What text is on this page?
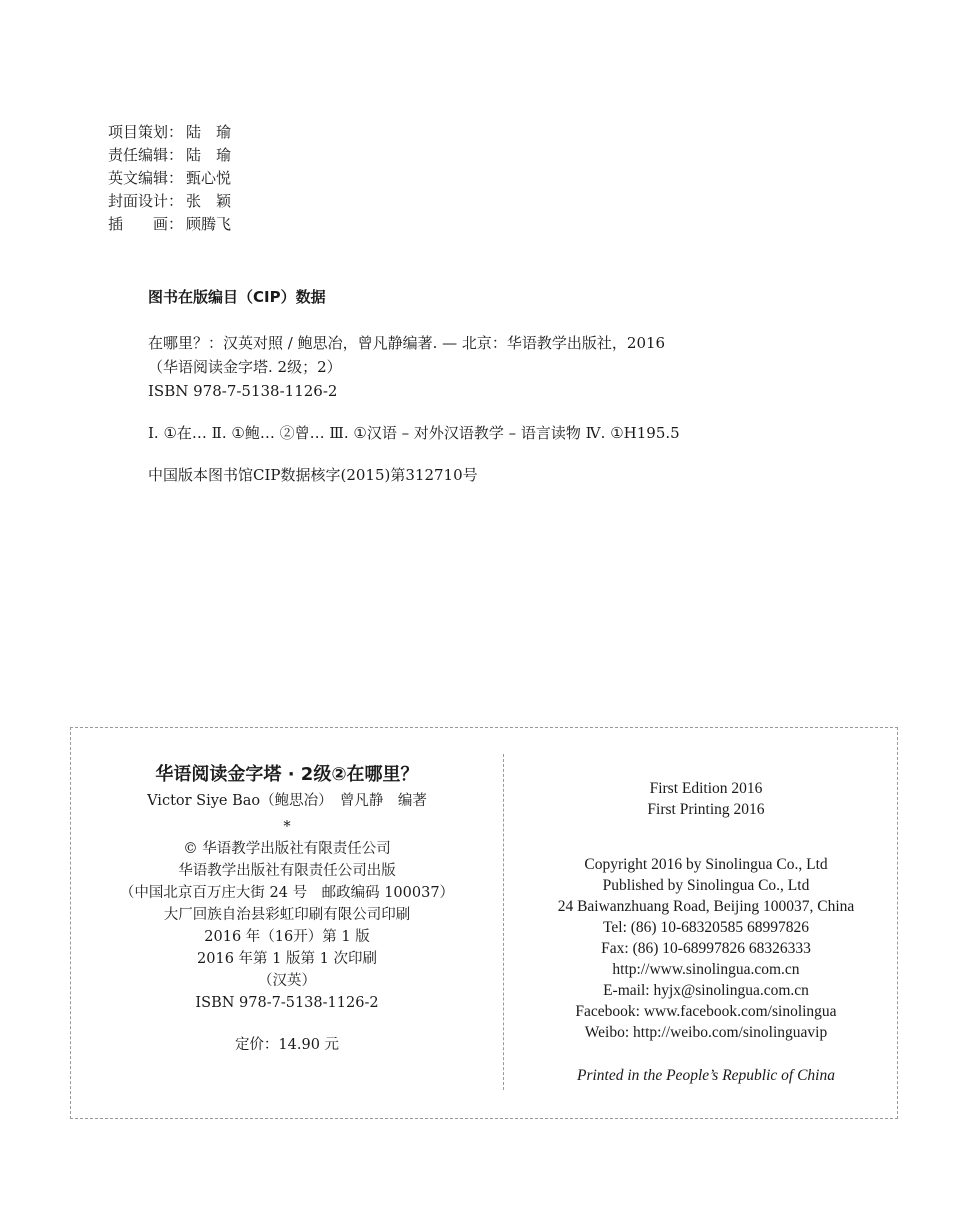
项目策划： 陆　瑜
责任编辑： 陆　瑜
英文编辑： 甄心悦
封面设计： 张　颖
插　　画： 顾腾飞
图书在版编目（CIP）数据
在哪里？：汉英对照 / 鲍思冶，曾凡静编著. — 北京：华语教学出版社，2016
（华语阅读金字塔. 2级；2）
ISBN 978-7-5138-1126-2
Ⅰ. ①在… Ⅱ. ①鲍… ②曾… Ⅲ. ①汉语 – 对外汉语教学 – 语言读物 Ⅳ. ①H195.5
中国版本图书馆CIP数据核字(2015)第312710号
华语阅读金字塔 · 2级②在哪里？
Victor Siye Bao（鲍思冶）　曾凡静　编著
*
© 华语教学出版社有限责任公司
华语教学出版社有限责任公司出版
（中国北京百万庄大街 24 号　邮政编码 100037）
大厂回族自治县彩虹印刷有限公司印刷
2016 年（16开）第 1 版
2016 年第 1 版第 1 次印刷
（汉英）
ISBN 978-7-5138-1126-2
定价：14.90 元
First Edition 2016
First Printing 2016
Copyright 2016 by Sinolingua Co., Ltd
Published by Sinolingua Co., Ltd
24 Baiwanzhuang Road, Beijing 100037, China
Tel: (86) 10-68320585 68997826
Fax: (86) 10-68997826 68326333
http://www.sinolingua.com.cn
E-mail: hyjx@sinolingua.com.cn
Facebook: www.facebook.com/sinolingua
Weibo: http://weibo.com/sinolinguavip
Printed in the People’s Republic of China
